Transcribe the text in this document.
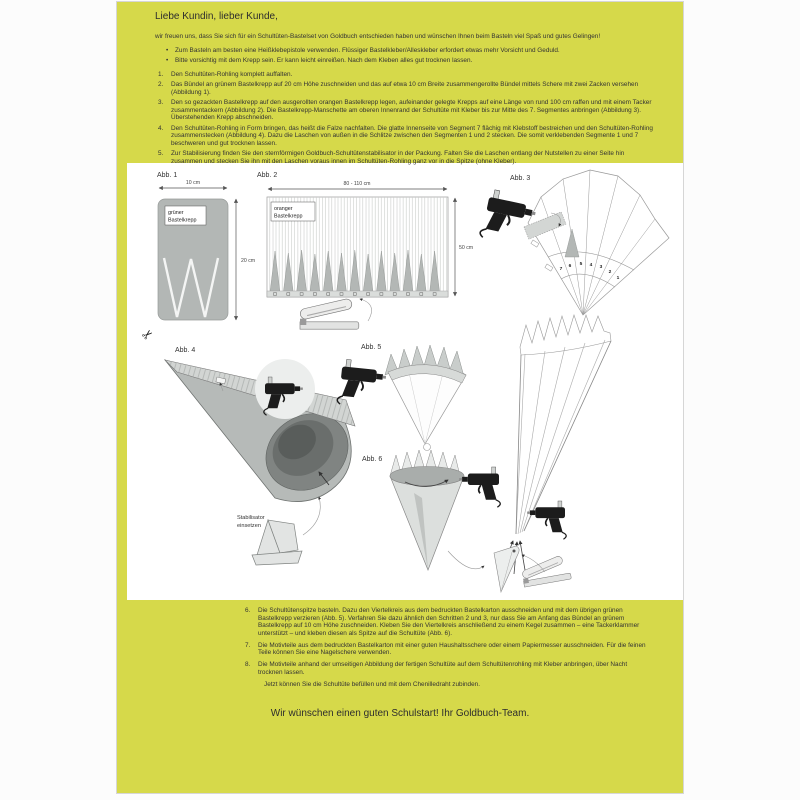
Liebe Kundin, lieber Kunde,

wir freuen uns, dass Sie sich für ein Schultüten-Bastelset von Goldbuch entschieden haben und wünschen Ihnen beim Basteln viel Spaß und gutes Gelingen!

•	Zum Basteln am besten eine Heißklebepistole verwenden. Flüssiger Bastelkleber/Alleskleber erfordert etwas mehr Vorsicht und Geduld.
•	Bitte vorsichtig mit dem Krepp sein. Er kann leicht einreißen. Nach dem Kleben alles gut trocknen lassen.
1.	Den Schultüten-Rohling komplett auffalten.
2.	Das Bündel an grünem Bastelkrepp auf 20 cm Höhe zuschneiden und das auf etwa 10 cm Breite zusammengerollte Bündel mittels Schere mit zwei Zacken versehen (Abbildung 1).
3.	Den so gezackten Bastelkrepp auf den ausgerollten orangen Bastelkrepp legen, aufeinander gelegte Krepps auf eine Länge von rund 100 cm raffen und mit einem Tacker zusammentackern (Abbildung 2). Die Bastelkrepp-Manschette am oberen Innenrand der Schultüte mit Kleber bis zur Mitte des 7. Segmentes anbringen (Abbildung 3). Überstehenden Krepp abschneiden.
4.	Den Schultüten-Rohling in Form bringen, das heißt die Falze nachfalten. Die glatte Innenseite von Segment 7 flächig mit Klebstoff bestreichen und den Schultüten-Rohling zusammenstecken (Abbildung 4). Dazu die Laschen von außen in die Schlitze zwischen den Segmenten 1 und 2 stecken. Die somit verklebenden Segmente 1 und 7 beschweren und gut trocknen lassen.
5.	Zur Stabilisierung finden Sie den sternförmigen Goldbuch-Schultütenstabilisator in der Packung. Falten Sie die Laschen entlang der Nutstellen zu einer Seite hin zusammen und stecken Sie ihn mit den Laschen voraus innen im Schultüten-Rohling ganz vor in die Spitze (ohne Kleber).
Abb. 1
10 cm
grüner
Bastelkrepp
20 cm
✂
Abb. 2
80 - 110 cm
oranger
Bastelkrepp
50 cm
Abb. 3
7
6 5 4 3
2
1
Abb. 4
Stabilisator
einsetzen
Abb. 5
Abb. 6
6.	Die Schultütenspitze basteln. Dazu den Viertelkreis aus dem bedruckten Bastelkarton ausschneiden und mit dem übrigen grünen Bastelkrepp verzieren (Abb. 5). Verfahren Sie dazu ähnlich den Schritten 2 und 3, nur dass Sie am Anfang das Bündel an grünem Bastelkrepp auf 10 cm Höhe zuschneiden. Kleben Sie den Viertelkreis anschließend zu einem Kegel zusammen – eine Tackerklammer unterstützt – und kleben diesen als Spitze auf die Schultüte (Abb. 6).
7.	Die Motivteile aus dem bedruckten Bastelkarton mit einer guten Haushaltsschere oder einem Papiermesser ausschneiden. Für die feinen Teile können Sie eine Nagelschere verwenden.
8.	Die Motivteile anhand der umseitigen Abbildung der fertigen Schultüte auf dem Schultütenrohling mit Kleber anbringen, über Nacht trocknen lassen.

Jetzt können Sie die Schultüte befüllen und mit dem Chenilledraht zubinden.

Wir wünschen einen guten Schulstart! Ihr Goldbuch-Team.
